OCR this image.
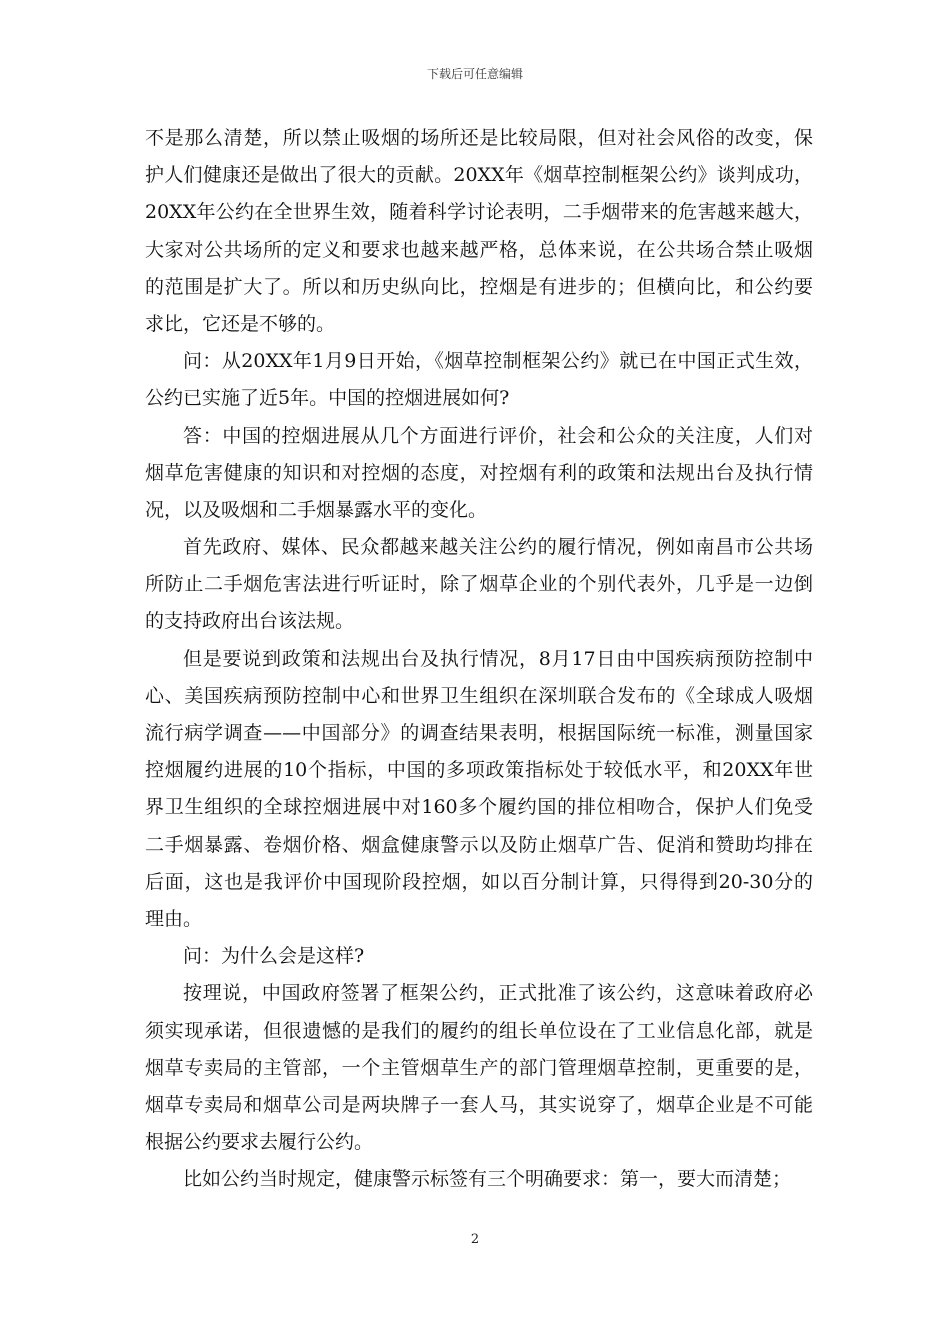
下载后可任意编辑
不是那么清楚，所以禁止吸烟的场所还是比较局限，但对社会风俗的改变，保
护人们健康还是做出了很大的贡献。20XX年《烟草控制框架公约》谈判成功，
20XX年公约在全世界生效，随着科学讨论表明，二手烟带来的危害越来越大，
大家对公共场所的定义和要求也越来越严格，总体来说，在公共场合禁止吸烟
的范围是扩大了。所以和历史纵向比，控烟是有进步的；但横向比，和公约要
求比，它还是不够的。
问：从20XX年1月9日开始，《烟草控制框架公约》就已在中国正式生效，
公约已实施了近5年。中国的控烟进展如何?
答：中国的控烟进展从几个方面进行评价，社会和公众的关注度，人们对
烟草危害健康的知识和对控烟的态度，对控烟有利的政策和法规出台及执行情
况，以及吸烟和二手烟暴露水平的变化。
首先政府、媒体、民众都越来越关注公约的履行情况，例如南昌市公共场
所防止二手烟危害法进行听证时，除了烟草企业的个别代表外，几乎是一边倒
的支持政府出台该法规。
但是要说到政策和法规出台及执行情况，8月17日由中国疾病预防控制中
心、美国疾病预防控制中心和世界卫生组织在深圳联合发布的《全球成人吸烟
流行病学调查——中国部分》的调查结果表明，根据国际统一标准，测量国家
控烟履约进展的10个指标，中国的多项政策指标处于较低水平，和20XX年世
界卫生组织的全球控烟进展中对160多个履约国的排位相吻合，保护人们免受
二手烟暴露、卷烟价格、烟盒健康警示以及防止烟草广告、促消和赞助均排在
后面，这也是我评价中国现阶段控烟，如以百分制计算，只得得到20-30分的
理由。
问：为什么会是这样?
按理说，中国政府签署了框架公约，正式批准了该公约，这意味着政府必
须实现承诺，但很遗憾的是我们的履约的组长单位设在了工业信息化部，就是
烟草专卖局的主管部，一个主管烟草生产的部门管理烟草控制，更重要的是，
烟草专卖局和烟草公司是两块牌子一套人马，其实说穿了，烟草企业是不可能
根据公约要求去履行公约。
比如公约当时规定，健康警示标签有三个明确要求：第一，要大而清楚；
2
